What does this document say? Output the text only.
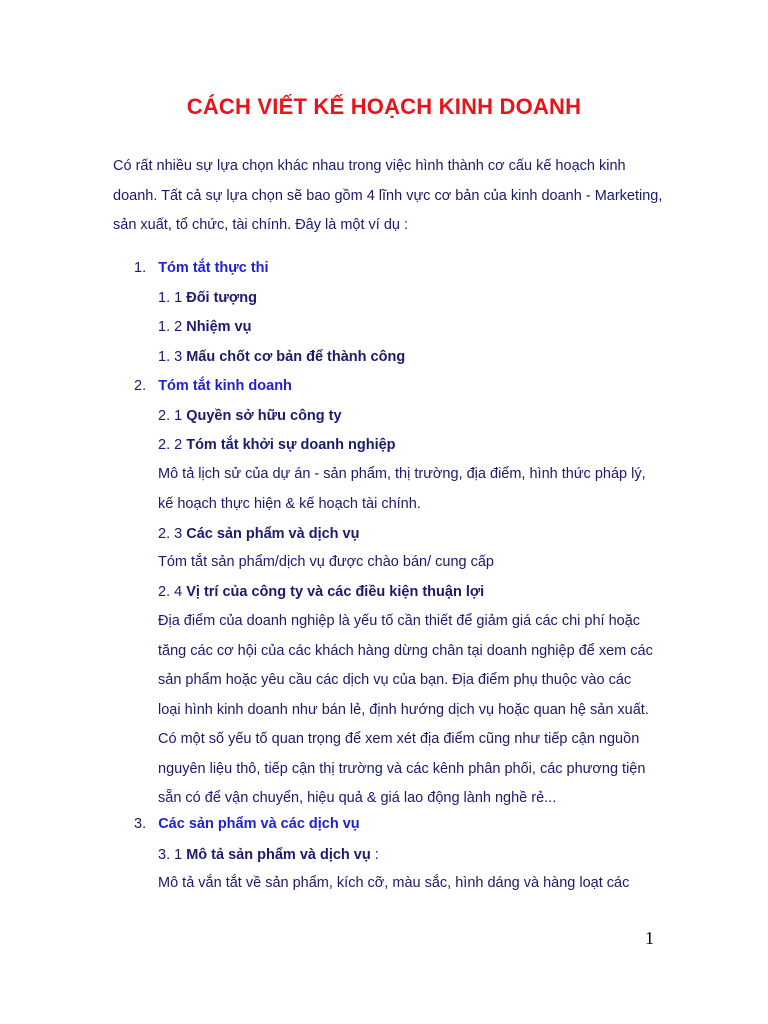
CÁCH VIẾT KẾ HOẠCH KINH DOANH
Có rất nhiều sự lựa chọn khác nhau trong việc hình thành cơ cấu kế hoạch kinh doanh. Tất cả sự lựa chọn sẽ bao gồm 4 lĩnh vực cơ bản của kinh doanh - Marketing, sản xuất, tổ chức, tài chính. Đây là một ví dụ :
1. Tóm tắt thực thi
1. 1 Đối tượng
1. 2 Nhiệm vụ
1. 3 Mấu chốt cơ bản để thành công
2. Tóm tắt kinh doanh
2. 1 Quyền sở hữu công ty
2. 2 Tóm tắt khởi sự doanh nghiệp
Mô tả lịch sử của dự án - sản phẩm, thị trường, địa điểm, hình thức pháp lý, kế hoạch thực hiện & kế hoạch tài chính.
2. 3 Các sản phẩm và dịch vụ
Tóm tắt sản phẩm/dịch vụ được chào bán/ cung cấp
2. 4 Vị trí của công ty và các điều kiện thuận lợi
Địa điểm của doanh nghiệp là yếu tố cần thiết để giảm giá các chi phí hoặc tăng các cơ hội của các khách hàng dừng chân tại doanh nghiệp để xem các sản phẩm hoặc yêu cầu các dịch vụ của bạn. Địa điểm phụ thuộc vào các loại hình kinh doanh như bán lẻ, định hướng dịch vụ hoặc quan hệ sản xuất. Có một số yếu tố quan trọng để xem xét địa điểm cũng như tiếp cận nguồn nguyên liệu thô, tiếp cận thị trường và các kênh phân phối, các phương tiện sẵn có để vận chuyển, hiệu quả & giá lao động lành nghề rẻ...
3. Các sản phẩm và các dịch vụ
3. 1 Mô tả sản phẩm và dịch vụ :
Mô tả vắn tắt về sản phẩm, kích cỡ, màu sắc, hình dáng và hàng loạt các
1
